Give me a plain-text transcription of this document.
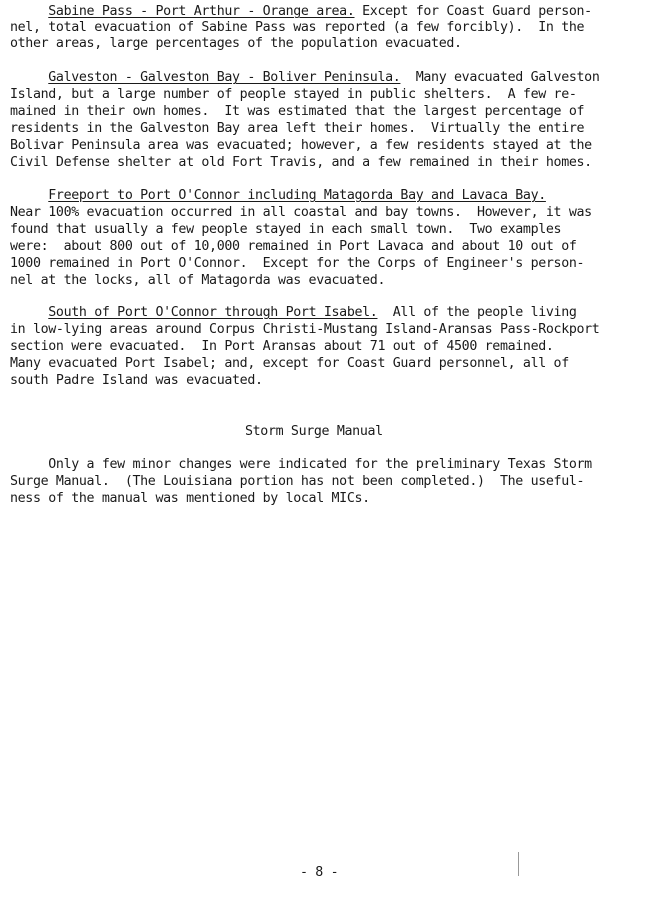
Sabine Pass - Port Arthur - Orange area. Except for Coast Guard person-
nel, total evacuation of Sabine Pass was reported (a few forcibly).  In the
other areas, large percentages of the population evacuated.
Galveston - Galveston Bay - Boliver Peninsula.  Many evacuated Galveston
Island, but a large number of people stayed in public shelters.  A few re-
mained in their own homes.  It was estimated that the largest percentage of
residents in the Galveston Bay area left their homes.  Virtually the entire
Bolivar Peninsula area was evacuated; however, a few residents stayed at the
Civil Defense shelter at old Fort Travis, and a few remained in their homes.
Freeport to Port O'Connor including Matagorda Bay and Lavaca Bay.
Near 100% evacuation occurred in all coastal and bay towns.  However, it was
found that usually a few people stayed in each small town.  Two examples
were:  about 800 out of 10,000 remained in Port Lavaca and about 10 out of
1000 remained in Port O'Connor.  Except for the Corps of Engineer's person-
nel at the locks, all of Matagorda was evacuated.
South of Port O'Connor through Port Isabel.  All of the people living
in low-lying areas around Corpus Christi-Mustang Island-Aransas Pass-Rockport
section were evacuated.  In Port Aransas about 71 out of 4500 remained.
Many evacuated Port Isabel; and, except for Coast Guard personnel, all of
south Padre Island was evacuated.
Storm Surge Manual
Only a few minor changes were indicated for the preliminary Texas Storm
Surge Manual.  (The Louisiana portion has not been completed.)  The useful-
ness of the manual was mentioned by local MICs.
- 8 -
